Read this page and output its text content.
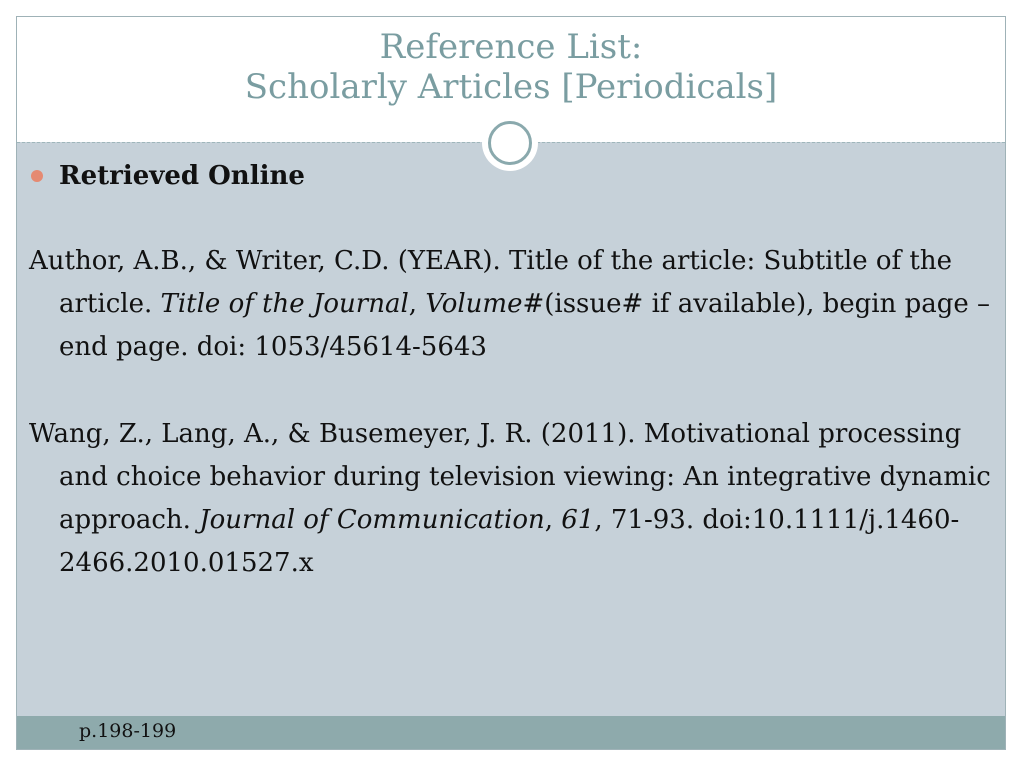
Reference List:
Scholarly Articles [Periodicals]
Retrieved Online
Author, A.B., & Writer, C.D. (YEAR). Title of the article: Subtitle of the article. Title of the Journal, Volume#(issue# if available), begin page – end page. doi: 1053/45614-5643
Wang, Z., Lang, A., & Busemeyer, J. R. (2011). Motivational processing and choice behavior during television viewing: An integrative dynamic approach. Journal of Communication, 61, 71-93. doi:10.1111/j.1460-2466.2010.01527.x
p.198-199
